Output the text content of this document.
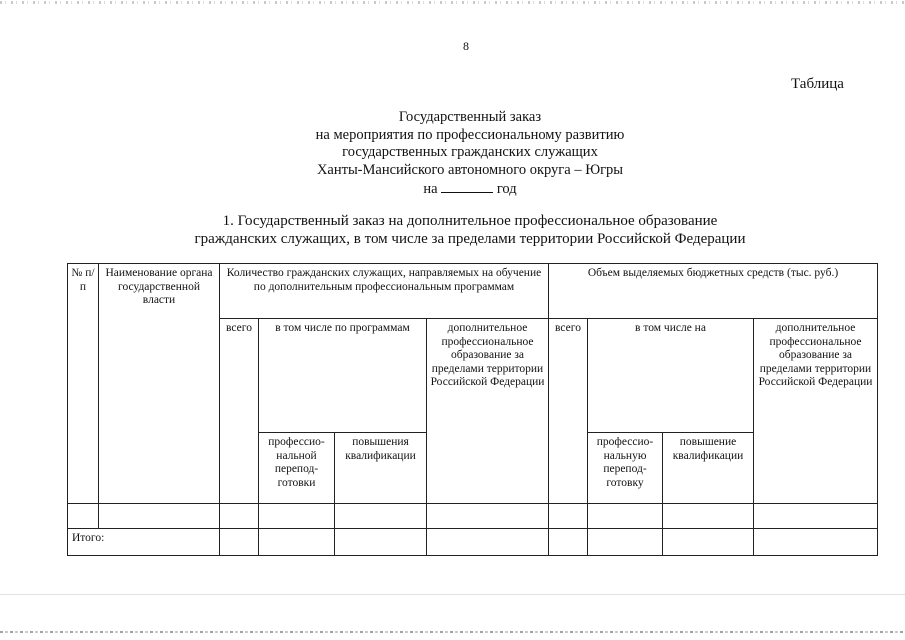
8
Таблица
Государственный заказ
на мероприятия по профессиональному развитию
государственных гражданских служащих
Ханты-Мансийского автономного округа – Югры
на	год
1. Государственный заказ на дополнительное профессиональное образование
гражданских служащих, в том числе за пределами территории Российской Федерации
№ п/п	Наименование органа государственной власти	Количество гражданских служащих, направляемых на обучение по дополнительным профессиональным программам				Объем выделяемых бюджетных средств (тыс. руб.)			
		всего	в том числе по программам		дополнительное профессиональное образование за пределами территории Российской Федерации	всего	в том числе на		дополнительное профессиональное образование за пределами территории Российской Федерации
			профессио-нальной перепод-готовки	повышения квалификации			профессио-нальную перепод-готовку	повышение квалификации	

Итого:									
